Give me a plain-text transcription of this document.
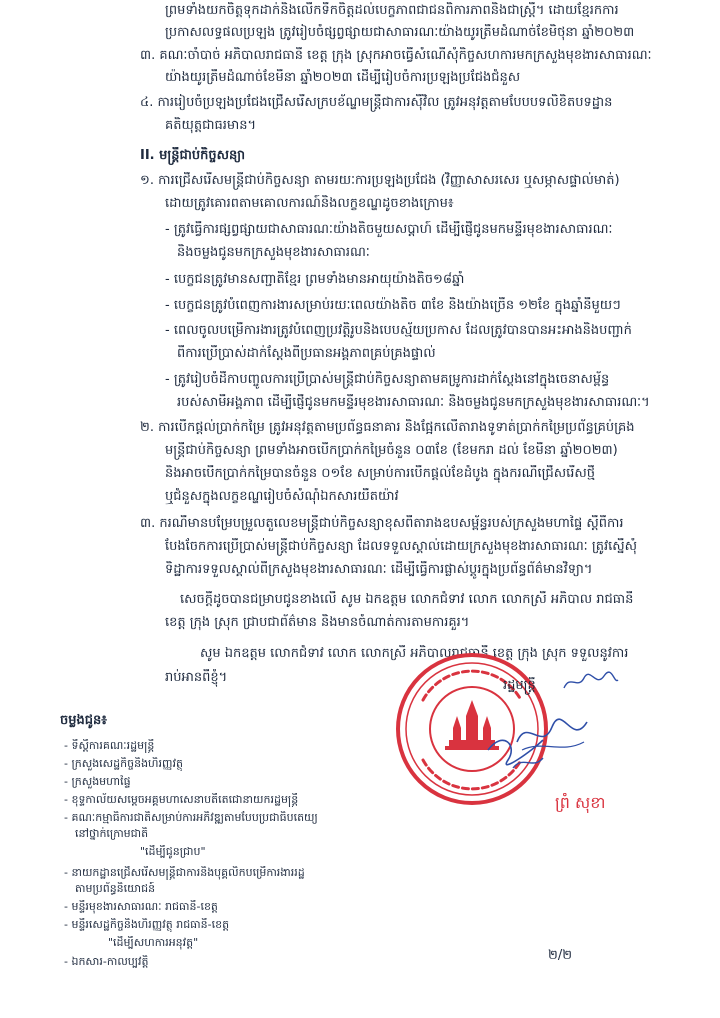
ព្រមទាំងយកចិត្តទុកដាក់និងលើកទឹកចិត្តដល់បេក្ខភាពជាជនពិការភាពនិងជាស្ត្រី។ ដោយខ្មែរកការ
ប្រកាសលទ្ធផលប្រឡង ត្រូវរៀបចំផ្សព្វផ្សាយជាសាធារណៈយ៉ាងយូរត្រឹមដំណាច់ខែមិថុនា ឆ្នាំ២០២៣
៣. គណៈចាំបាច់ អភិបាលរាជធានី ខេត្ត ក្រុង ស្រុកអាចធ្វើសំណើសុំកិច្ចសហការមកក្រសួងមុខងារសាធារណៈ
យ៉ាងយូរត្រឹមដំណាច់ខែមីនា ឆ្នាំ២០២៣ ដើម្បីរៀបចំការប្រឡងប្រជែងជំនួស
៤. ការរៀបចំប្រឡងប្រជែងជ្រើសរើសក្របខ័ណ្ឌមន្ត្រីជាការស៊ីវិល ត្រូវអនុវត្តតាមបែបបទលិខិតបទដ្ឋាន
គតិយុត្តជាធរមាន។
II. មន្ត្រីជាប់កិច្ចសន្យា
១. ការជ្រើសរើសមន្ត្រីជាប់កិច្ចសន្យា តាមរយៈការប្រឡងប្រជែង (វិញ្ញាសាសរសេរ ឬសម្ភាសផ្ទាល់មាត់)
ដោយត្រូវគោរពតាមគោលការណ៍និងលក្ខខណ្ឌដូចខាងក្រោម៖
- ត្រូវធ្វើការផ្សព្វផ្សាយជាសាធារណៈយ៉ាងតិចមួយសប្តាហ៍ ដើម្បីផ្ញើជូនមកមន្ទីរមុខងារសាធារណៈ
និងចម្លងជូនមកក្រសួងមុខងារសាធារណៈ
- បេក្ខជនត្រូវមានសញ្ជាតិខ្មែរ ព្រមទាំងមានអាយុយ៉ាងតិច១៨ឆ្នាំ
- បេក្ខជនត្រូវបំពេញការងារសម្រាប់រយៈពេលយ៉ាងតិច ៣ខែ និងយ៉ាងច្រើន ១២ខែ ក្នុងឆ្នាំនីមួយៗ
- ពេលចូលបម្រើការងារត្រូវបំពេញប្រវត្តិរូបនិងបេបស្ម័យប្រកាស ដែលត្រូវបានបានអះអាងនិងបញ្ជាក់
ពីការប្រើប្រាស់ដាក់ស្តែងពីប្រធានអង្គភាពគ្រប់គ្រងផ្ទាល់
- ត្រូវរៀបចំដីកាបញ្ចូលការប្រើប្រាស់មន្ត្រីជាប់កិច្ចសន្យាតាមគម្រូការដាក់ស្តែងនៅក្នុងចេនាសម្ព័ន្ធ
របស់សាមីអង្គភាព ដើម្បីផ្ញើជូនមកមន្ទីរមុខងារសាធារណៈ និងចម្លងជូនមកក្រសួងមុខងារសាធារណៈ។
២. ការបើកផ្តល់ប្រាក់កម្រៃ ត្រូវអនុវត្តតាមប្រព័ន្ធធនាគារ និងផ្អែកលើតារាងទូទាត់ប្រាក់កម្រៃប្រព័ន្ធគ្រប់គ្រង
មន្ត្រីជាប់កិច្ចសន្យា ព្រមទាំងអាចបើកប្រាក់កម្រៃចំនួន ០៣ខែ (ខែមករា ដល់ ខែមីនា ឆ្នាំ២០២៣)
និងអាចបើកប្រាក់កម្រៃបានចំនួន ០១ខែ សម្រាប់ការបើកផ្តល់ខែដំបូង ក្នុងករណីជ្រើសរើសថ្មី
ឬជំនួសក្នុងលក្ខខណ្ឌរៀបចំសំណុំឯកសារយឺតយ៉ាវ
៣. ករណីមានបម្រែបម្រួលតួលេខមន្ត្រីជាប់កិច្ចសន្យាខុសពីតារាងឧបសម្ព័ន្ធរបស់ក្រសួងមហាផ្ទៃ ស្តីពីការ
បែងចែកការប្រើប្រាស់មន្ត្រីជាប់កិច្ចសន្យា ដែលទទួលស្គាល់ដោយក្រសួងមុខងារសាធារណៈ ត្រូវស្នើសុំ
ទិដ្ឋាការទទួលស្គាល់ពីក្រសួងមុខងារសាធារណៈ ដើម្បីធ្វើការផ្លាស់ប្តូរក្នុងប្រព័ន្ធព័ត៌មានវិទ្យា។
សេចក្តីដូចបានជម្រាបជូនខាងលើ សូម ឯកឧត្តម លោកជំទាវ លោក លោកស្រី អភិបាល រាជធានី
ខេត្ត ក្រុង ស្រុក ជ្រាបជាព័ត៌មាន និងមានចំណាត់ការតាមការគួរ។
សូម ឯកឧត្តម លោកជំទាវ លោក លោកស្រី អភិបាលរាជធានី ខេត្ត ក្រុង ស្រុក ទទួលនូវការ
រាប់អានពីខ្ញុំ។
រដ្ឋមន្ត្រី
ព្រំ សុខា
ចម្លងជូន៖
- ទីស្តីការគណៈរដ្ឋមន្ត្រី
- ក្រសួងសេដ្ឋកិច្ចនិងហិរញ្ញវត្ថុ
- ក្រសួងមហាផ្ទៃ
- ខុទ្ទកាល័យសម្តេចអគ្គមហាសេនាបតីតេជោនាយករដ្ឋមន្ត្រី
- គណៈកម្មាធិការជាតិសម្រាប់ការអភិវឌ្ឍតាមបែបប្រជាធិបតេយ្យ
នៅថ្នាក់ក្រោមជាតិ
"ដើម្បីជូនជ្រាប"
- នាយកដ្ឋានជ្រើសរើសមន្ត្រីជាការនិងបុគ្គលិកបម្រើការងាររដ្ឋ
តាមប្រព័ន្ធនិយោជន៍
- មន្ទីរមុខងារសាធារណៈ រាជធានី-ខេត្ត
- មន្ទីរសេដ្ឋកិច្ចនិងហិរញ្ញវត្ថុ រាជធានី-ខេត្ត
"ដើម្បីសហការអនុវត្ត"
- ឯកសារ-កាលប្បវត្តិ	២/២
